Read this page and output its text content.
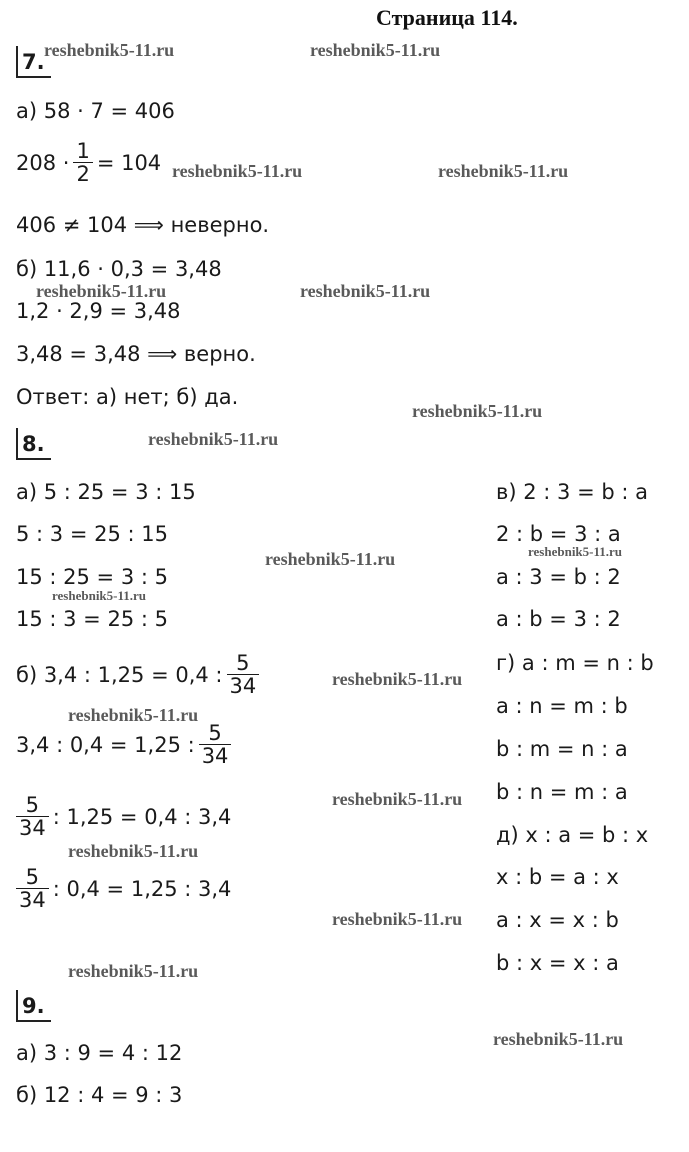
Страница 114.
7.
а) 58 · 7 = 406
$208 \cdot \frac{1}{2} = 104$
406 ≠ 104 ⟹ неверно.
б) 11,6 · 0,3 = 3,48
1,2 · 2,9 = 3,48
3,48 = 3,48 ⟹ верно.
Ответ: а) нет; б) да.
8.
а) 5 : 25 = 3 : 15
5 : 3 = 25 : 15
15 : 25 = 3 : 5
15 : 3 = 25 : 5
б) 3,4 : 1,25 = 0,4 : $\frac{5}{34}$
3,4 : 0,4 = 1,25 : $\frac{5}{34}$
$\frac{5}{34}$ : 1,25 = 0,4 : 3,4
$\frac{5}{34}$ : 0,4 = 1,25 : 3,4
в) 2 : 3 = b : a
2 : b = 3 : a
a : 3 = b : 2
a : b = 3 : 2
г) a : m = n : b
a : n = m : b
b : m = n : a
b : n = m : a
д) x : a = b : x
x : b = a : x
a : x = x : b
b : x = x : a
9.
а) 3 : 9 = 4 : 12
б) 12 : 4 = 9 : 3
reshebnik5-11.ru	reshebnik5-11.ru
reshebnik5-11.ru	reshebnik5-11.ru
reshebnik5-11.ru	reshebnik5-11.ru
reshebnik5-11.ru
reshebnik5-11.ru
reshebnik5-11.ru	reshebnik5-11.ru
reshebnik5-11.ru
reshebnik5-11.ru
reshebnik5-11.ru
reshebnik5-11.ru
reshebnik5-11.ru
reshebnik5-11.ru
reshebnik5-11.ru
reshebnik5-11.ru
